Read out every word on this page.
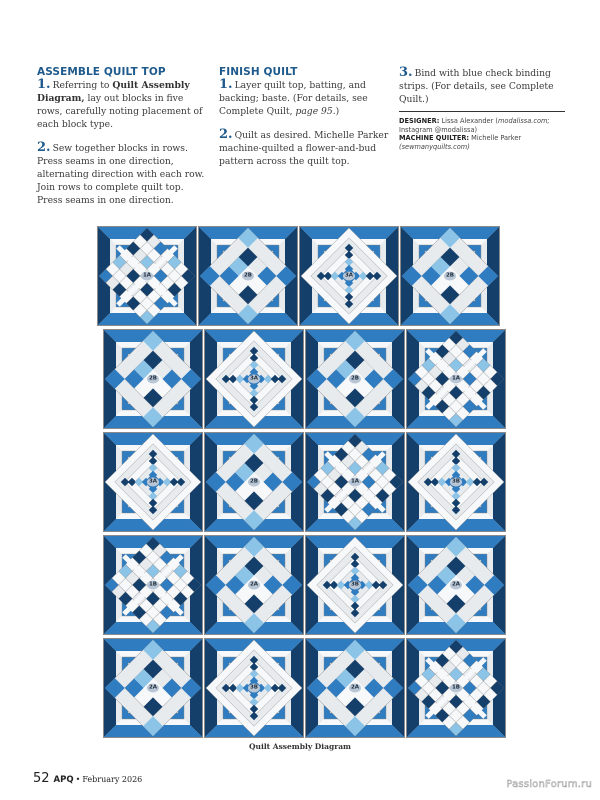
ASSEMBLE QUILT TOP

1. Referring to Quilt Assembly Diagram, lay out blocks in five rows, carefully noting placement of each block type.

2. Sew together blocks in rows. Press seams in one direction, alternating direction with each row. Join rows to complete quilt top. Press seams in one direction.

FINISH QUILT

1. Layer quilt top, batting, and backing; baste. (For details, see Complete Quilt, page 95.)

2. Quilt as desired. Michelle Parker machine-quilted a flower-and-bud pattern across the quilt top.

3. Bind with blue check binding strips. (For details, see Complete Quilt.)

DESIGNER: Lissa Alexander (modalissa.com; Instagram @modalissa)
MACHINE QUILTER: Michelle Parker
(sewmanyquilts.com)
1A	2B	3A	2B
2B	3A	2B	1A
3A	2B	1A	3B
1B	2A	3B	2A
2A	3B	2A	1B
Quilt Assembly Diagram
52 APQ • February 2026	PassionForum.ru
